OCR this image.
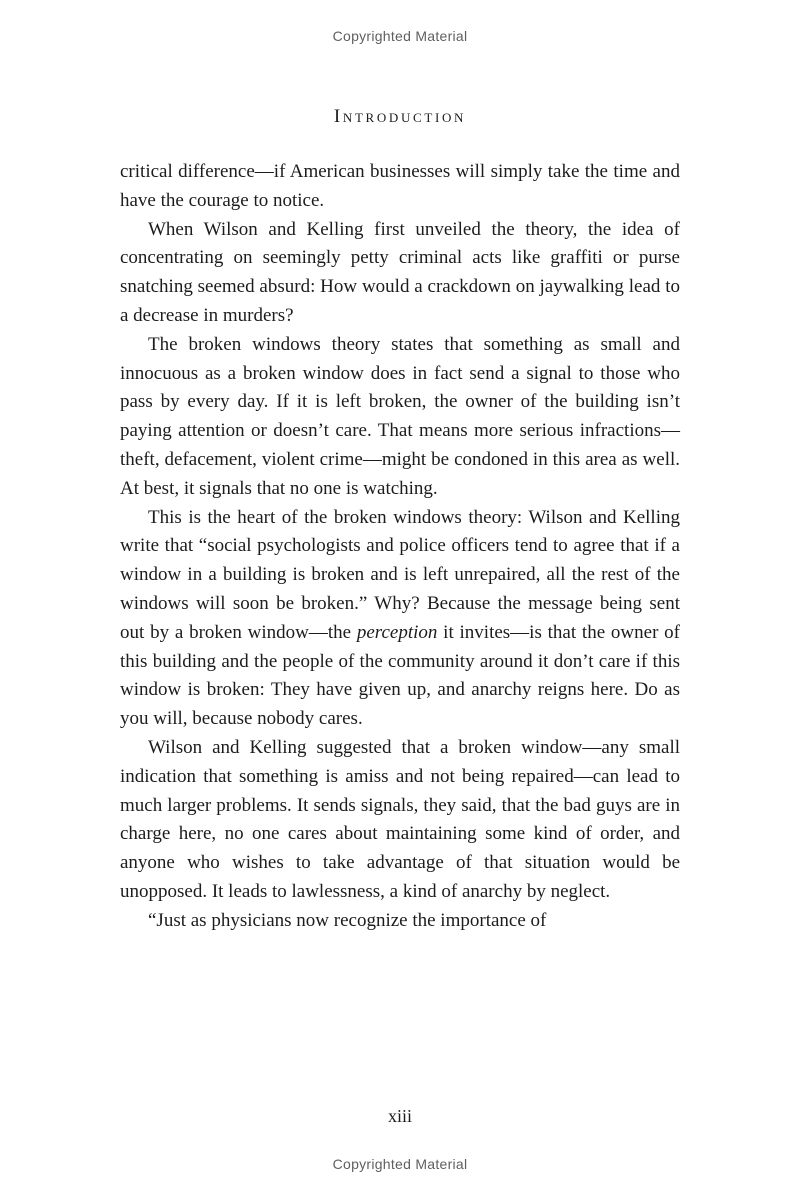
Copyrighted Material
Introduction

critical difference—if American businesses will simply take the time and have the courage to notice.

When Wilson and Kelling first unveiled the theory, the idea of concentrating on seemingly petty criminal acts like graffiti or purse snatching seemed absurd: How would a crackdown on jaywalking lead to a decrease in murders?

The broken windows theory states that something as small and innocuous as a broken window does in fact send a signal to those who pass by every day. If it is left broken, the owner of the building isn’t paying attention or doesn’t care. That means more serious infractions—theft, defacement, violent crime—might be condoned in this area as well. At best, it signals that no one is watching.

This is the heart of the broken windows theory: Wilson and Kelling write that “social psychologists and police officers tend to agree that if a window in a building is broken and is left unrepaired, all the rest of the windows will soon be broken.” Why? Because the message being sent out by a broken window—the perception it invites—is that the owner of this building and the people of the community around it don’t care if this window is broken: They have given up, and anarchy reigns here. Do as you will, because nobody cares.

Wilson and Kelling suggested that a broken window—any small indication that something is amiss and not being repaired—can lead to much larger problems. It sends signals, they said, that the bad guys are in charge here, no one cares about maintaining some kind of order, and anyone who wishes to take advantage of that situation would be unopposed. It leads to lawlessness, a kind of anarchy by neglect.

“Just as physicians now recognize the importance of

xiii
Copyrighted Material
